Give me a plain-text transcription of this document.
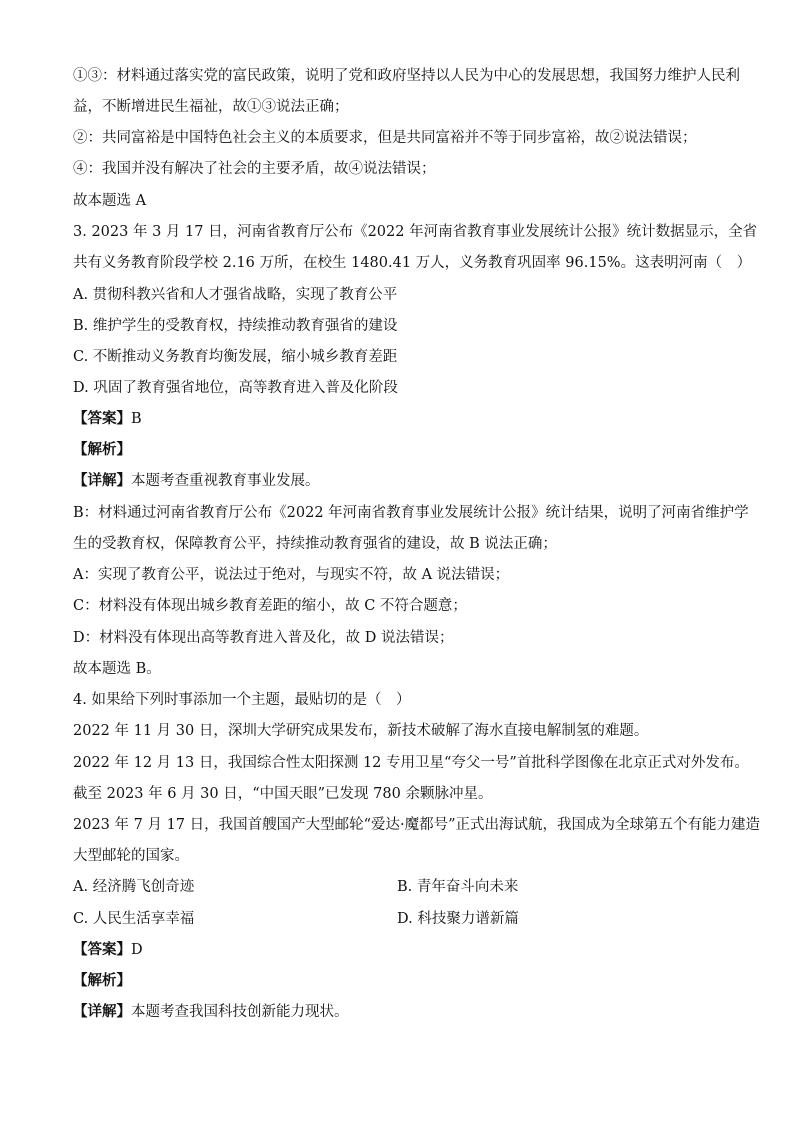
①③：材料通过落实党的富民政策，说明了党和政府坚持以人民为中心的发展思想，我国努力维护人民利
益，不断增进民生福祉，故①③说法正确；
②：共同富裕是中国特色社会主义的本质要求，但是共同富裕并不等于同步富裕，故②说法错误；
④：我国并没有解决了社会的主要矛盾，故④说法错误；
故本题选 A
3. 2023 年 3 月 17 日，河南省教育厅公布《2022 年河南省教育事业发展统计公报》统计数据显示，全省
共有义务教育阶段学校 2.16 万所，在校生 1480.41 万人，义务教育巩固率 96.15%。这表明河南（　）
A. 贯彻科教兴省和人才强省战略，实现了教育公平
B. 维护学生的受教育权，持续推动教育强省的建设
C. 不断推动义务教育均衡发展，缩小城乡教育差距
D. 巩固了教育强省地位，高等教育进入普及化阶段
【答案】B
【解析】
【详解】本题考查重视教育事业发展。
B：材料通过河南省教育厅公布《2022 年河南省教育事业发展统计公报》统计结果，说明了河南省维护学
生的受教育权，保障教育公平，持续推动教育强省的建设，故 B 说法正确；
A：实现了教育公平，说法过于绝对，与现实不符，故 A 说法错误；
C：材料没有体现出城乡教育差距的缩小，故 C 不符合题意；
D：材料没有体现出高等教育进入普及化，故 D 说法错误；
故本题选 B。
4. 如果给下列时事添加一个主题，最贴切的是（　）
2022 年 11 月 30 日，深圳大学研究成果发布，新技术破解了海水直接电解制氢的难题。
2022 年 12 月 13 日，我国综合性太阳探测 12 专用卫星“夸父一号”首批科学图像在北京正式对外发布。
截至 2023 年 6 月 30 日，“中国天眼”已发现 780 余颗脉冲星。
2023 年 7 月 17 日，我国首艘国产大型邮轮“爱达·魔都号”正式出海试航，我国成为全球第五个有能力建造
大型邮轮的国家。
A. 经济腾飞创奇迹	B. 青年奋斗向未来
C. 人民生活享幸福	D. 科技聚力谱新篇
【答案】D
【解析】
【详解】本题考查我国科技创新能力现状。
